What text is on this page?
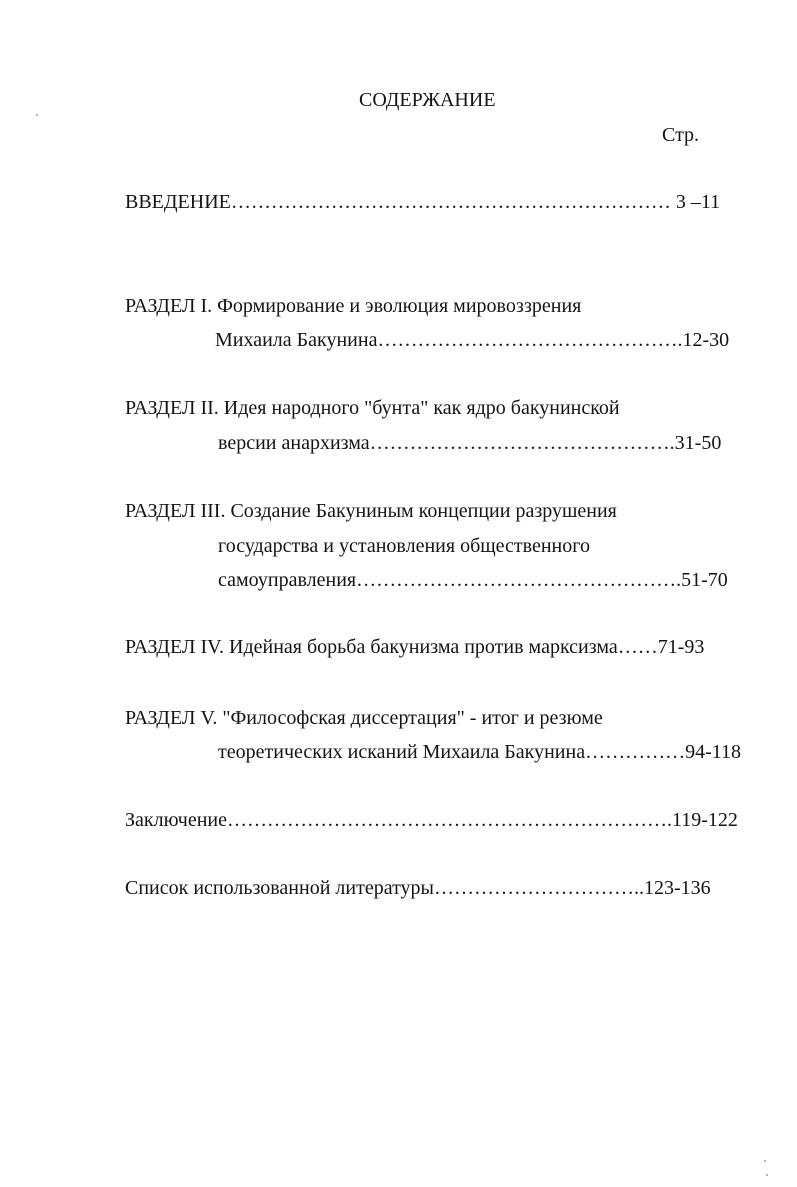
СОДЕРЖАНИЕ
Стр.
ВВЕДЕНИЕ………………………………………………………… 3 –11
РАЗДЕЛ I. Формирование и эволюция мировоззрения
Михаила Бакунина……………………………………….12-30
РАЗДЕЛ II. Идея народного "бунта" как ядро бакунинской
версии анархизма……………………………………….31-50
РАЗДЕЛ III. Создание Бакуниным концепции разрушения
государства и установления общественного
самоуправления………………………………………….51-70
РАЗДЕЛ IV. Идейная борьба бакунизма против марксизма……71-93
РАЗДЕЛ V. "Философская диссертация" - итог и резюме
теоретических исканий Михаила Бакунина……………94-118
Заключение………………………………………………………….119-122
Список использованной литературы…………………………..123-136
